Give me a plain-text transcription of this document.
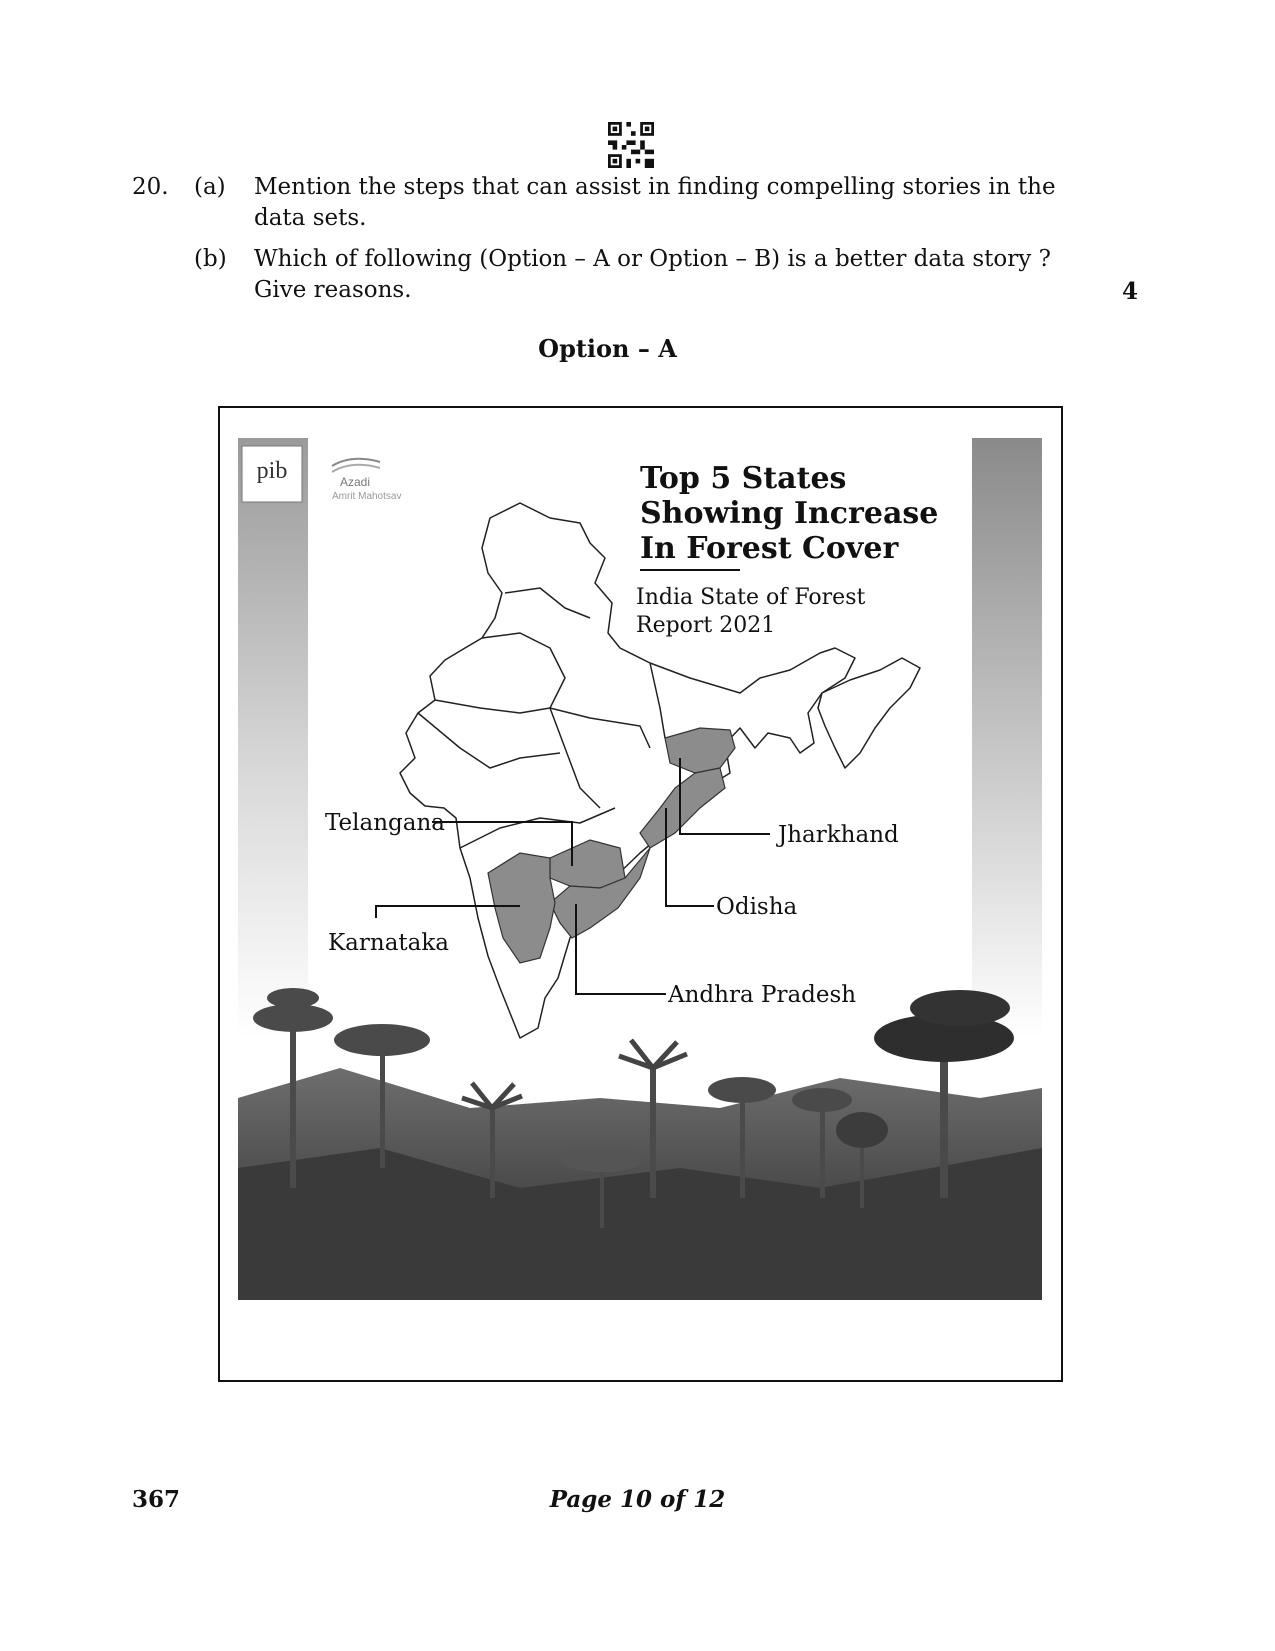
20. (a) Mention the steps that can assist in finding compelling stories in the data sets.
(b) Which of following (Option – A or Option – B) is a better data story ? Give reasons.	4
Option – A
pib	Azadi
Amrit Mahotsav
Top 5 States
Showing Increase
In Forest Cover
India State of Forest
Report 2021
Telangana	Jharkhand
Odisha
Karnataka
Andhra Pradesh
367	Page 10 of 12
